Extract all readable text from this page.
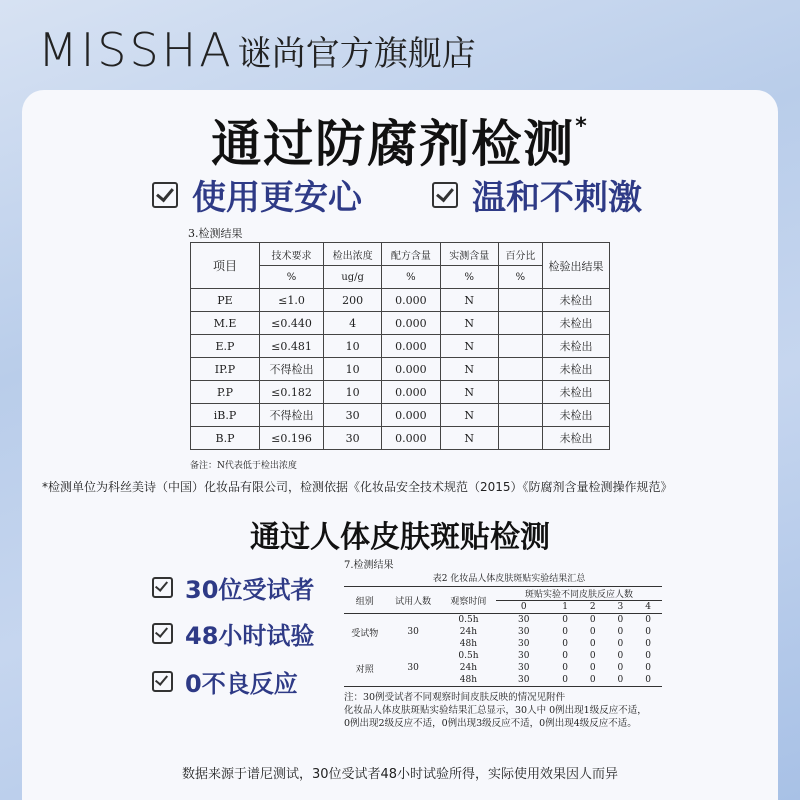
MISSHA 谜尚官方旗舰店
通过防腐剂检测*
使用更安心	温和不刺激
3.检测结果
项目	技术要求	检出浓度	配方含量	实测含量	百分比	检验出结果
	%	ug/g	%	%	%	
PE	≤1.0	200	0.000	N		未检出
M.E	≤0.440	4	0.000	N		未检出
E.P	≤0.481	10	0.000	N		未检出
IP.P	不得检出	10	0.000	N		未检出
P.P	≤0.182	10	0.000	N		未检出
iB.P	不得检出	30	0.000	N		未检出
B.P	≤0.196	30	0.000	N		未检出
备注：N代表低于检出浓度
*检测单位为科丝美诗（中国）化妆品有限公司，检测依据《化妆品安全技术规范（2015）《防腐剂含量检测操作规范》
通过人体皮肤斑贴检测
30位受试者
48小时试验
0不良反应
7.检测结果
表2 化妆品人体皮肤斑贴实验结果汇总
组别	试用人数	观察时间	斑贴实验不同皮肤反应人数				
			0	1	2	3	4
受试物	30	0.5h	30	0	0	0	0
		24h	30	0	0	0	0
		48h	30	0	0	0	0
对照	30	0.5h	30	0	0	0	0
		24h	30	0	0	0	0
		48h	30	0	0	0	0
注：30例受试者不同观察时间皮肤反映的情况见附件
化妆品人体皮肤斑贴实验结果汇总显示，30人中 0例出现1级反应不适，
0例出现2级反应不适，0例出现3级反应不适，0例出现4级反应不适。
数据来源于谱尼测试，30位受试者48小时试验所得，实际使用效果因人而异
